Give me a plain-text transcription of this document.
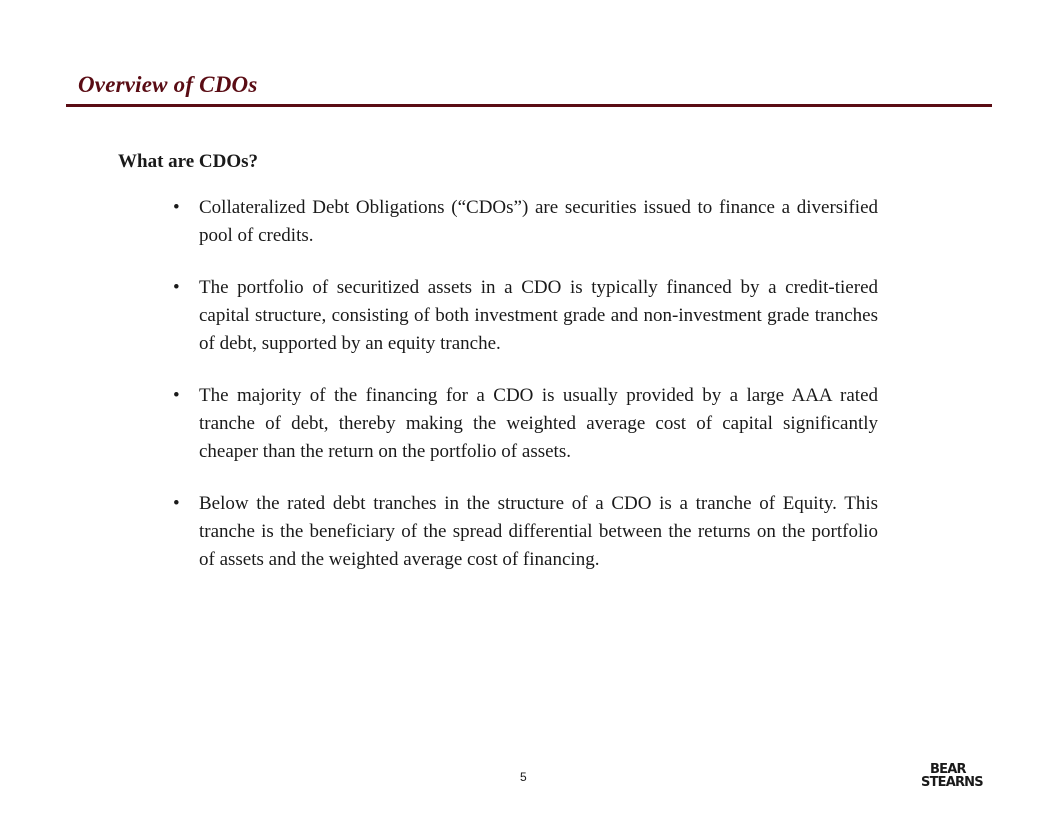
Overview of CDOs
What are CDOs?
• Collateralized Debt Obligations (“CDOs”) are securities issued to finance a diversified pool of credits.
• The portfolio of securitized assets in a CDO is typically financed by a credit-tiered capital structure, consisting of both investment grade and non-investment grade tranches of debt, supported by an equity tranche.
• The majority of the financing for a CDO is usually provided by a large AAA rated tranche of debt, thereby making the weighted average cost of capital significantly cheaper than the return on the portfolio of assets.
• Below the rated debt tranches in the structure of a CDO is a tranche of Equity. This tranche is the beneficiary of the spread differential between the returns on the portfolio of assets and the weighted average cost of financing.
5	BEAR
STEARNS
